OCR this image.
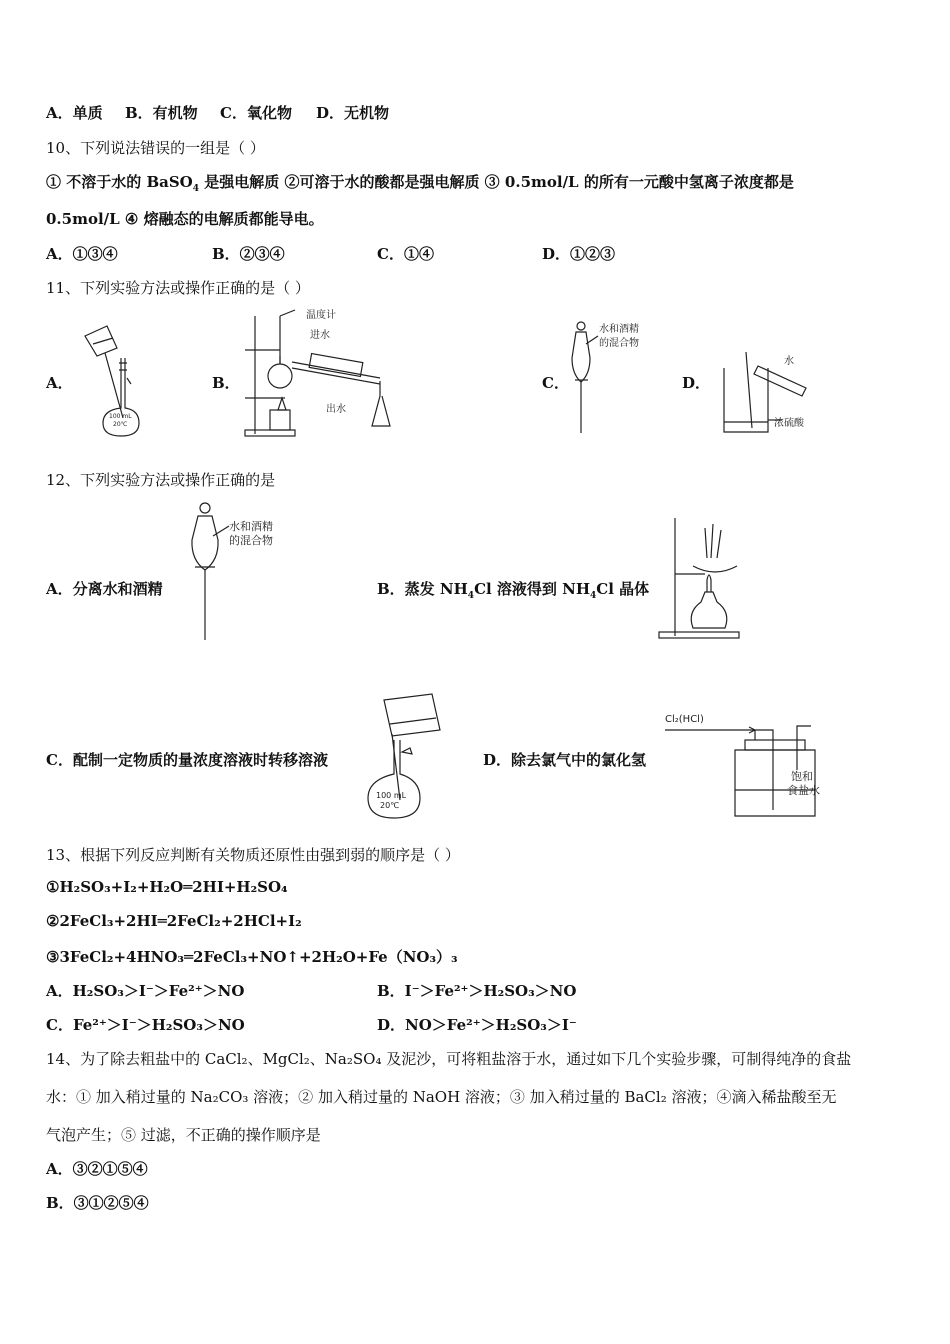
A．单质 B．有机物 C．氧化物 D．无机物
10、下列说法错误的一组是（ ）
① 不溶于水的 BaSO$_4$ 是强电解质 ②可溶于水的酸都是强电解质 ③ 0.5mol/L 的所有一元酸中氢离子浓度都是
0.5mol/L ④ 熔融态的电解质都能导电。
A．①③④	B．②③④	C．①④	D．①②③
11、下列实验方法或操作正确的是（ ）
A．	B．	C．	D．
100 mL
20℃
温度计
进水
出水
水和酒精
的混合物
水
浓硫酸
12、下列实验方法或操作正确的是
A．分离水和酒精	B．蒸发 $NH_4Cl$ 溶液得到 $NH_4Cl$ 晶体
C．配制一定物质的量浓度溶液时转移溶液	D．除去氯气中的氯化氢
水和酒精
的混合物
100 mL
20℃
Cl₂(HCl)
饱和
食盐水
13、根据下列反应判断有关物质还原性由强到弱的顺序是（ ）
①H₂SO₃+I₂+H₂O═2HI+H₂SO₄
②2FeCl₃+2HI═2FeCl₂+2HCl+I₂
③3FeCl₂+4HNO₃═2FeCl₃+NO↑+2H₂O+Fe（NO₃）₃
A．H₂SO₃＞I⁻＞Fe²⁺＞NO	B．I⁻＞Fe²⁺＞H₂SO₃＞NO
C．Fe²⁺＞I⁻＞H₂SO₃＞NO	D．NO＞Fe²⁺＞H₂SO₃＞I⁻
14、为了除去粗盐中的 CaCl₂、MgCl₂、Na₂SO₄ 及泥沙，可将粗盐溶于水，通过如下几个实验步骤，可制得纯净的食盐
水：① 加入稍过量的 Na₂CO₃ 溶液；② 加入稍过量的 NaOH 溶液；③ 加入稍过量的 BaCl₂ 溶液；④滴入稀盐酸至无
气泡产生；⑤ 过滤，不正确的操作顺序是
A．③②①⑤④
B．③①②⑤④
